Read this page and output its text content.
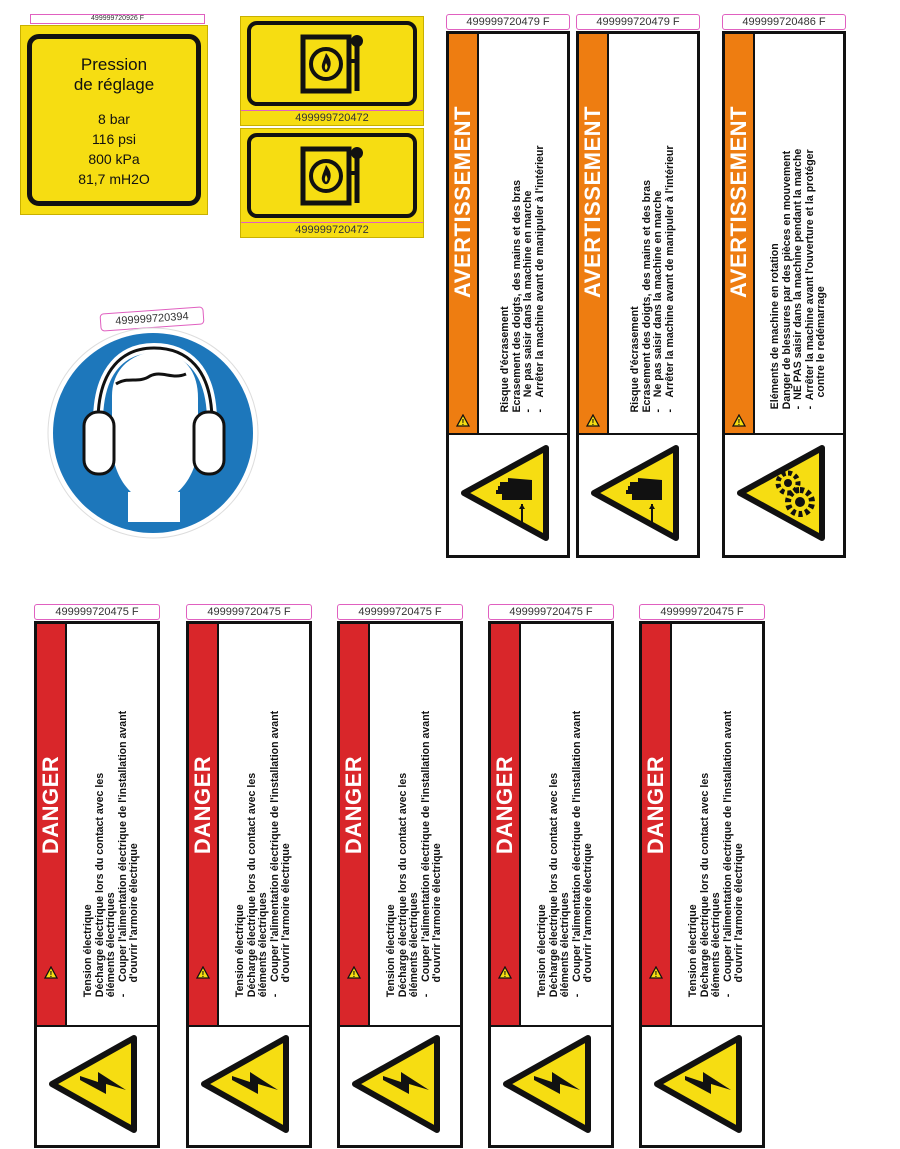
499999720926 F
Pression
de réglage
8 bar
116 psi
800 kPa
81,7 mH2O
499999720472
499999720472
499999720394
499999720479 F
AVERTISSEMENT
!
Risque d'écrasement Ecrasement des doigts, des mains et des bras -    Ne pas saisir dans la machine en marche -    Arrêter la machine avant de manipuler à l'intérieur
499999720479 F
AVERTISSEMENT
!
Risque d'écrasement Ecrasement des doigts, des mains et des bras -    Ne pas saisir dans la machine en marche -    Arrêter la machine avant de manipuler à l'intérieur
499999720486 F
AVERTISSEMENT
!
Eléments de machine en rotation Danger de blessures par des pièces en mouvement -  NE PAS saisir dans la machine pendant la marche -  Arrêter la machine avant l'ouverture et la protéger contre le redémarrage
499999720475 F
DANGER
!	Tension électrique Décharge électrique lors du contact avec les éléments électriques -    Couper l'alimentation électrique de l'installation avant d'ouvrir l'armoire électrique
499999720475 F
DANGER
!	Tension électrique Décharge électrique lors du contact avec les éléments électriques -    Couper l'alimentation électrique de l'installation avant d'ouvrir l'armoire électrique
499999720475 F
DANGER
!	Tension électrique Décharge électrique lors du contact avec les éléments électriques -    Couper l'alimentation électrique de l'installation avant d'ouvrir l'armoire électrique
499999720475 F
DANGER
!	Tension électrique Décharge électrique lors du contact avec les éléments électriques -    Couper l'alimentation électrique de l'installation avant d'ouvrir l'armoire électrique
499999720475 F
DANGER
!	Tension électrique Décharge électrique lors du contact avec les éléments électriques -    Couper l'alimentation électrique de l'installation avant d'ouvrir l'armoire électrique
